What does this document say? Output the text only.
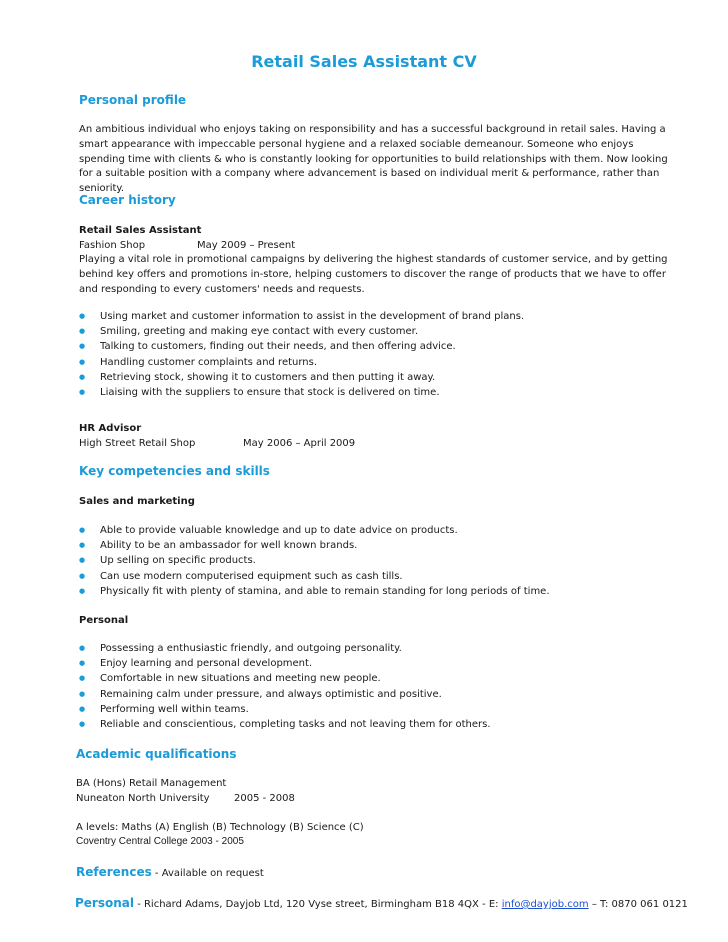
Retail Sales Assistant CV
Personal profile
An ambitious individual who enjoys taking on responsibility and has a successful background in retail sales. Having a smart appearance with impeccable personal hygiene and a relaxed sociable demeanour. Someone who enjoys spending time with clients & who is constantly looking for opportunities to build relationships with them. Now looking for a suitable position with a company where advancement is based on individual merit & performance, rather than seniority.
Career history
Retail Sales Assistant
Fashion Shop	May 2009 – Present
Playing a vital role in promotional campaigns by delivering the highest standards of customer service, and by getting behind key offers and promotions in-store, helping customers to discover the range of products that we have to offer and responding to every customers' needs and requests.
● Using market and customer information to assist in the development of brand plans.
● Smiling, greeting and making eye contact with every customer.
● Talking to customers, finding out their needs, and then offering advice.
● Handling customer complaints and returns.
● Retrieving stock, showing it to customers and then putting it away.
● Liaising with the suppliers to ensure that stock is delivered on time.
HR Advisor
High Street Retail Shop	May 2006 – April 2009
Key competencies and skills
Sales and marketing
● Able to provide valuable knowledge and up to date advice on products.
● Ability to be an ambassador for well known brands.
● Up selling on specific products.
● Can use modern computerised equipment such as cash tills.
● Physically fit with plenty of stamina, and able to remain standing for long periods of time.
Personal
● Possessing a enthusiastic friendly, and outgoing personality.
● Enjoy learning and personal development.
● Comfortable in new situations and meeting new people.
● Remaining calm under pressure, and always optimistic and positive.
● Performing well within teams.
● Reliable and conscientious, completing tasks and not leaving them for others.
Academic qualifications
BA (Hons) Retail Management
Nuneaton North University 2005 - 2008
A levels: Maths (A) English (B) Technology (B) Science (C)
Coventry Central College 2003 - 2005
References - Available on request
Personal - Richard Adams, Dayjob Ltd, 120 Vyse street, Birmingham B18 4QX - E: info@dayjob.com – T: 0870 061 0121
